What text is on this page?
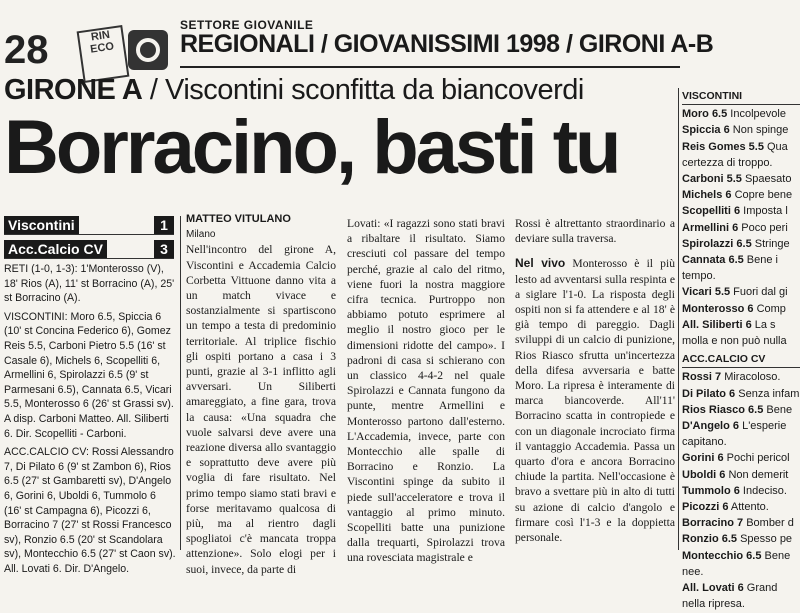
28	RIN ECO
SETTORE GIOVANILE
REGIONALI / GIOVANISSIMI 1998 / GIRONI A-B
GIRONE A / Viscontini sconfitta da biancoverdi
Borracino, basti tu
Viscontini	1
Acc.Calcio CV	3

RETI (1-0, 1-3): 1'Monterosso (V), 18' Rios (A), 11' st Borracino (A), 25' st Borracino (A).

VISCONTINI: Moro 6.5, Spiccia 6 (10' st Concina Federico 6), Gomez Reis 5.5, Carboni Pietro 5.5 (16' st Casale 6), Michels 6, Scopelliti 6, Armellini 6, Spirolazzi 6.5 (9' st Parmesani 6.5), Cannata 6.5, Vicari 5.5, Monterosso 6 (26' st Grassi sv). A disp. Carboni Matteo. All. Siliberti 6. Dir. Scopelliti - Carboni.

ACC.CALCIO CV: Rossi Alessandro 7, Di Pilato 6 (9' st Zambon 6), Rios 6.5 (27' st Gambaretti sv), D'Angelo 6, Gorini 6, Uboldi 6, Tummolo 6 (16' st Campagna 6), Picozzi 6, Borracino 7 (27' st Rossi Francesco sv), Ronzio 6.5 (20' st Scandolara sv), Montecchio 6.5 (27' st Caon sv). All. Lovati 6. Dir. D'Angelo.

MATTEO VITULANO
Milano

Nell'incontro del girone A, Viscontini e Accademia Calcio Corbetta Vittuone danno vita a un match vivace e sostanzialmente si spartiscono un tempo a testa di predominio territoriale. Al triplice fischio gli ospiti portano a casa i 3 punti, grazie al 3-1 inflitto agli avversari. Un Siliberti amareggiato, a fine gara, trova la causa: «Una squadra che vuole salvarsi deve avere una reazione diversa allo svantaggio e soprattutto deve avere più voglia di fare risultato. Nel primo tempo siamo stati bravi e forse meritavamo qualcosa di più, ma al rientro dagli spogliatoi c'è mancata troppa attenzione». Solo elogi per i suoi, invece, da parte di

Lovati: «I ragazzi sono stati bravi a ribaltare il risultato. Siamo cresciuti col passare del tempo perché, grazie al calo del ritmo, viene fuori la nostra maggiore cifra tecnica. Purtroppo non abbiamo potuto esprimere al meglio il nostro gioco per le dimensioni ridotte del campo». I padroni di casa si schierano con un classico 4-4-2 nel quale Spirolazzi e Cannata fungono da punte, mentre Armellini e Monterosso partono dall'esterno. L'Accademia, invece, parte con Montecchio alle spalle di Borracino e Ronzio. La Viscontini spinge da subito il piede sull'acceleratore e trova il vantaggio al primo minuto. Scopelliti batte una punizione dalla trequarti, Spirolazzi trova una rovesciata magistrale e

Rossi è altrettanto straordinario a deviare sulla traversa.

Nel vivo Monterosso è il più lesto ad avventarsi sulla respinta e a siglare l'1-0. La risposta degli ospiti non si fa attendere e al 18' è già tempo di pareggio. Dagli sviluppi di un calcio di punizione, Rios Riasco sfrutta un'incertezza della difesa avversaria e batte Moro. La ripresa è interamente di marca biancoverde. All'11' Borracino scatta in contropiede e con un diagonale incrociato firma il vantaggio Accademia. Passa un quarto d'ora e ancora Borracino chiude la partita. Nell'occasione è bravo a svettare più in alto di tutti su azione di calcio d'angolo e firmare così l'1-3 e la doppietta personale.

VISCONTINI
Moro 6.5 Incolpevole
Spiccia 6 Non spinge
Reis Gomes 5.5 Qua
certezza di troppo.
Carboni 5.5 Spaesato
Michels 6 Copre bene
Scopelliti 6 Imposta l
Armellini 6 Poco peri
Spirolazzi 6.5 Stringe
Cannata 6.5 Bene i
tempo.
Vicari 5.5 Fuori dal gi
Monterosso 6 Comp
All. Siliberti 6 La s
molla e non può nulla
ACC.CALCIO CV
Rossi 7 Miracoloso.
Di Pilato 6 Senza infam
Rios Riasco 6.5 Bene
D'Angelo 6 L'esperie
capitano.
Gorini 6 Pochi pericol
Uboldi 6 Non demerit
Tummolo 6 Indeciso.
Picozzi 6 Attento.
Borracino 7 Bomber d
Ronzio 6.5 Spesso pe
Montecchio 6.5 Bene
nee.
All. Lovati 6 Grand
nella ripresa.
